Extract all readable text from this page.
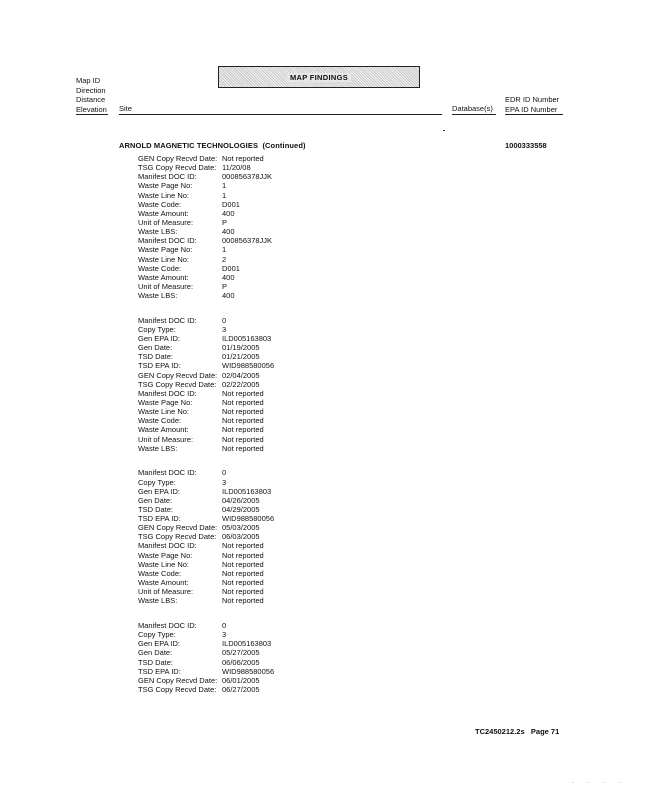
Map ID
Direction
Distance
Elevation Site
MAP FINDINGS
Database(s)
EDR ID Number
EPA ID Number
ARNOLD MAGNETIC TECHNOLOGIES (Continued)	1000333558
GEN Copy Recvd Date: Not reported
TSG Copy Recvd Date: 11/20/08
Manifest DOC ID:	000856378JJK
Waste Page No:	1
Waste Line No:	1
Waste Code:	D001
Waste Amount:	400
Unit of Measure:	P
Waste LBS:	400
Manifest DOC ID:	000856378JJK
Waste Page No:	1
Waste Line No:	2
Waste Code:	D001
Waste Amount:	400
Unit of Measure:	P
Waste LBS:	400
Manifest DOC ID:	0
Copy Type:	3
Gen EPA ID:	ILD005163803
Gen Date:	01/19/2005
TSD Date:	01/21/2005
TSD EPA ID:	WID988580056
GEN Copy Recvd Date: 02/04/2005
TSG Copy Recvd Date: 02/22/2005
Manifest DOC ID:	Not reported
Waste Page No:	Not reported
Waste Line No:	Not reported
Waste Code:	Not reported
Waste Amount:	Not reported
Unit of Measure:	Not reported
Waste LBS:	Not reported
Manifest DOC ID:	0
Copy Type:	3
Gen EPA ID:	ILD005163803
Gen Date:	04/26/2005
TSD Date:	04/29/2005
TSD EPA ID:	WID988580056
GEN Copy Recvd Date: 05/03/2005
TSG Copy Recvd Date: 06/03/2005
Manifest DOC ID:	Not reported
Waste Page No:	Not reported
Waste Line No:	Not reported
Waste Code:	Not reported
Waste Amount:	Not reported
Unit of Measure:	Not reported
Waste LBS:	Not reported
Manifest DOC ID:	0
Copy Type:	3
Gen EPA ID:	ILD005163803
Gen Date:	05/27/2005
TSD Date:	06/06/2005
TSD EPA ID:	WID988580056
GEN Copy Recvd Date: 06/01/2005
TSG Copy Recvd Date: 06/27/2005
TC2450212.2s Page 71
· · · ·
